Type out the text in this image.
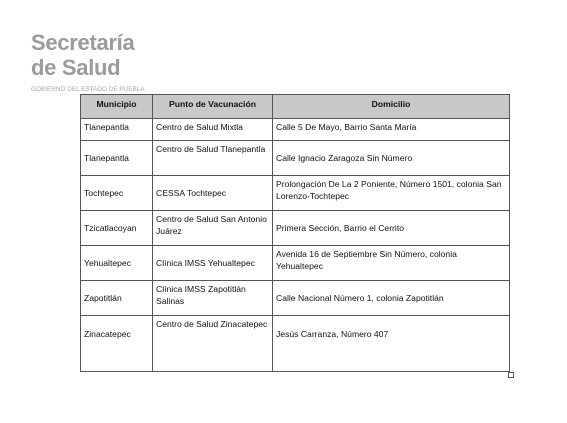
Secretaría
de Salud
GOBIERNO DEL ESTADO DE PUEBLA
Municipio	Punto de Vacunación	Domicilio
Tlanepantla	Centro de Salud Mixtla	Calle 5 De Mayo, Barrio Santa María
Tlanepantla	Centro de Salud Tlanepantla	Calle Ignacio Zaragoza Sin Número
Tochtepec	CESSA Tochtepec	Prolongación De La 2 Poniente, Número 1501, colonia San Lorenzo-Tochtepec
Tzicatlacoyan	Centro de Salud San Antonio Juárez	Primera Sección, Barrio el Cerrito
Yehualtepec	Clínica IMSS Yehualtepec	Avenida 16 de Septiembre Sin Número, colonia Yehualtepec
Zapotitlán	Clínica IMSS Zapotitlán Salinas	Calle Nacional Número 1, colonia Zapotitlán
Zinacatepec	Centro de Salud Zinacatepec	Jesús Carranza, Número 407
